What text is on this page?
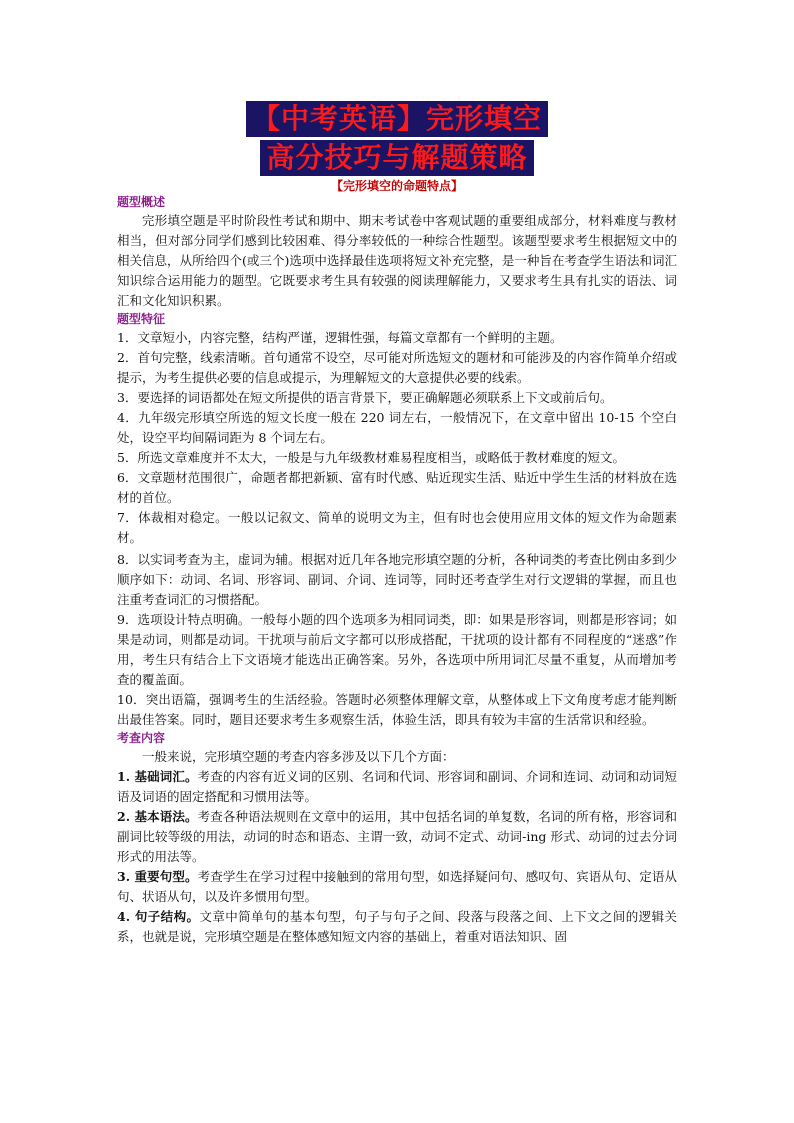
【中考英语】完形填空
高分技巧与解题策略
【完形填空的命题特点】
题型概述

完形填空题是平时阶段性考试和期中、期末考试卷中客观试题的重要组成部分，材料难度与教材相当，但对部分同学们感到比较困难、得分率较低的一种综合性题型。该题型要求考生根据短文中的相关信息，从所给四个(或三个)选项中选择最佳选项将短文补充完整，是一种旨在考查学生语法和词汇知识综合运用能力的题型。它既要求考生具有较强的阅读理解能力，又要求考生具有扎实的语法、词汇和文化知识积累。

题型特征

1．文章短小，内容完整，结构严谨，逻辑性强，每篇文章都有一个鲜明的主题。

2．首句完整，线索清晰。首句通常不设空，尽可能对所选短文的题材和可能涉及的内容作简单介绍或提示，为考生提供必要的信息或提示，为理解短文的大意提供必要的线索。

3．要选择的词语都处在短文所提供的语言背景下，要正确解题必须联系上下文或前后句。

4．九年级完形填空所选的短文长度一般在 220 词左右，一般情况下，在文章中留出 10-15 个空白处，设空平均间隔词距为 8 个词左右。

5．所选文章难度并不太大，一般是与九年级教材难易程度相当，或略低于教材难度的短文。

6．文章题材范围很广，命题者都把新颖、富有时代感、贴近现实生活、贴近中学生生活的材料放在选材的首位。

7．体裁相对稳定。一般以记叙文、简单的说明文为主，但有时也会使用应用文体的短文作为命题素材。

8．以实词考查为主，虚词为辅。根据对近几年各地完形填空题的分析，各种词类的考查比例由多到少顺序如下：动词、名词、形容词、副词、介词、连词等，同时还考查学生对行文逻辑的掌握，而且也注重考查词汇的习惯搭配。

9．选项设计特点明确。一般每小题的四个选项多为相同词类，即：如果是形容词，则都是形容词；如果是动词，则都是动词。干扰项与前后文字都可以形成搭配，干扰项的设计都有不同程度的“迷惑”作用，考生只有结合上下文语境才能选出正确答案。另外，各选项中所用词汇尽量不重复，从而增加考查的覆盖面。

10．突出语篇，强调考生的生活经验。答题时必须整体理解文章，从整体或上下文角度考虑才能判断出最佳答案。同时，题目还要求考生多观察生活，体验生活，即具有较为丰富的生活常识和经验。

考查内容

一般来说，完形填空题的考查内容多涉及以下几个方面：

1. 基础词汇。考查的内容有近义词的区别、名词和代词、形容词和副词、介词和连词、动词和动词短语及词语的固定搭配和习惯用法等。

2. 基本语法。考查各种语法规则在文章中的运用，其中包括名词的单复数，名词的所有格，形容词和副词比较等级的用法，动词的时态和语态、主谓一致，动词不定式、动词-ing 形式、动词的过去分词形式的用法等。

3. 重要句型。考查学生在学习过程中接触到的常用句型，如选择疑问句、感叹句、宾语从句、定语从句、状语从句，以及许多惯用句型。

4. 句子结构。文章中简单句的基本句型，句子与句子之间、段落与段落之间、上下文之间的逻辑关系，也就是说，完形填空题是在整体感知短文内容的基础上，着重对语法知识、固
